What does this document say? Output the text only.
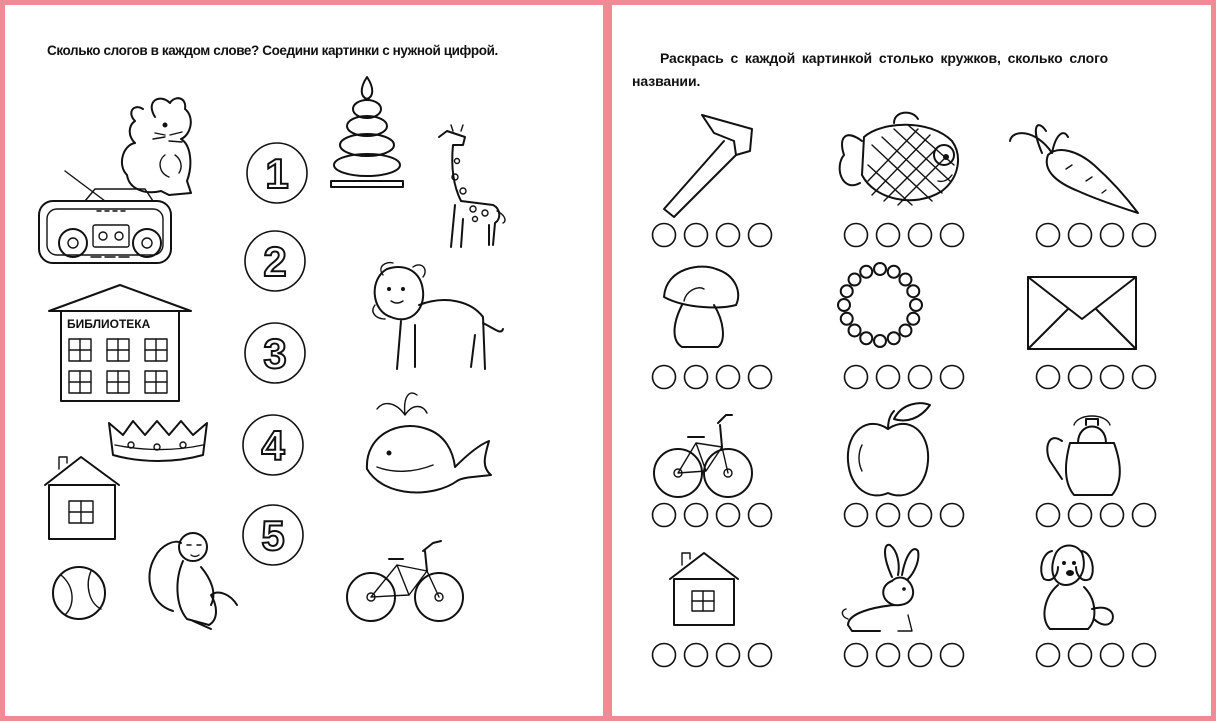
Сколько слогов в каждом слове? Соедини картинки с нужной цифрой.
БИБЛИОТЕКА
1
2
3
4
5
Раскрась с каждой картинкой столько кружков, сколько слого
названии.
